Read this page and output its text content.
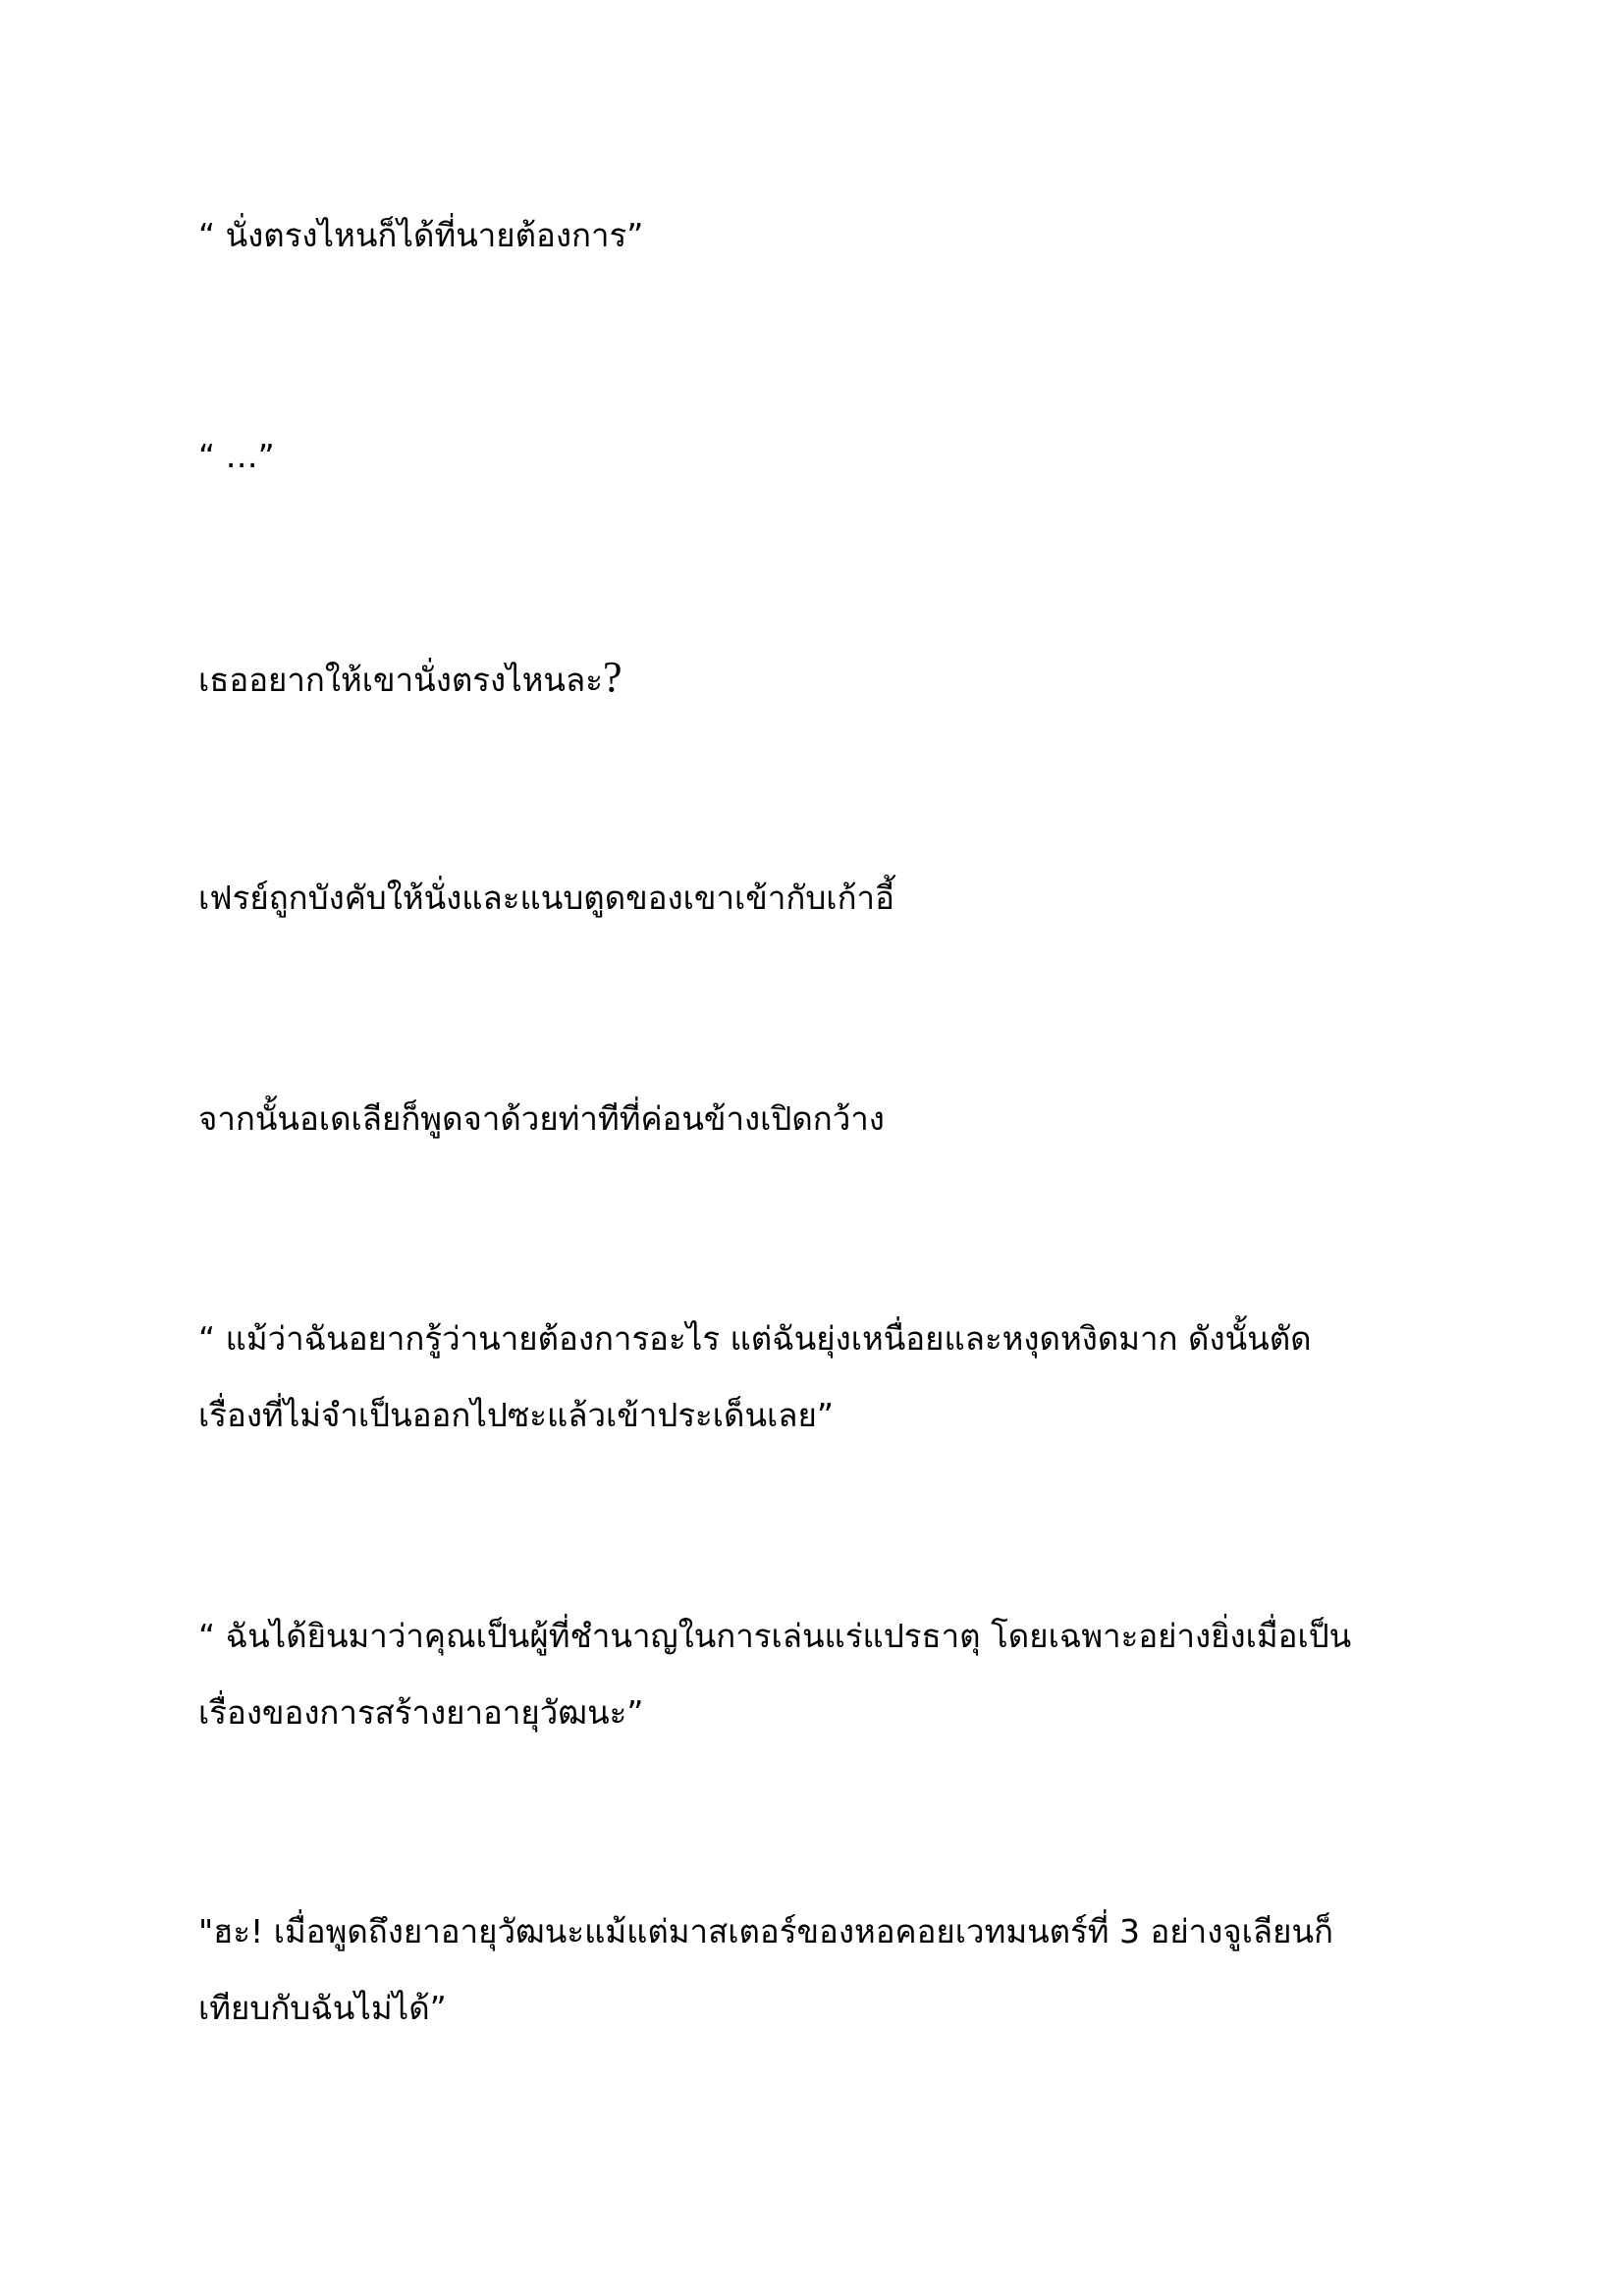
“ นั่งตรงไหนก็ได้ที่นายต้องการ”

“ …”

เธออยากให้เขานั่งตรงไหนละ?

เฟรย์ถูกบังคับให้นั่งและแนบตูดของเขาเข้ากับเก้าอี้

จากนั้นอเดเลียก็พูดจาด้วยท่าทีที่ค่อนข้างเปิดกว้าง

“ แม้ว่าฉันอยากรู้ว่านายต้องการอะไร แต่ฉันยุ่งเหนื่อยและหงุดหงิดมาก ดังนั้นตัด
เรื่องที่ไม่จำเป็นออกไปซะแล้วเข้าประเด็นเลย”

“ ฉันได้ยินมาว่าคุณเป็นผู้ที่ชำนาญในการเล่นแร่แปรธาตุ โดยเฉพาะอย่างยิ่งเมื่อเป็น
เรื่องของการสร้างยาอายุวัฒนะ”

"ฮะ! เมื่อพูดถึงยาอายุวัฒนะแม้แต่มาสเตอร์ของหอคอยเวทมนตร์ที่ 3 อย่างจูเลียนก็
เทียบกับฉันไม่ได้”
